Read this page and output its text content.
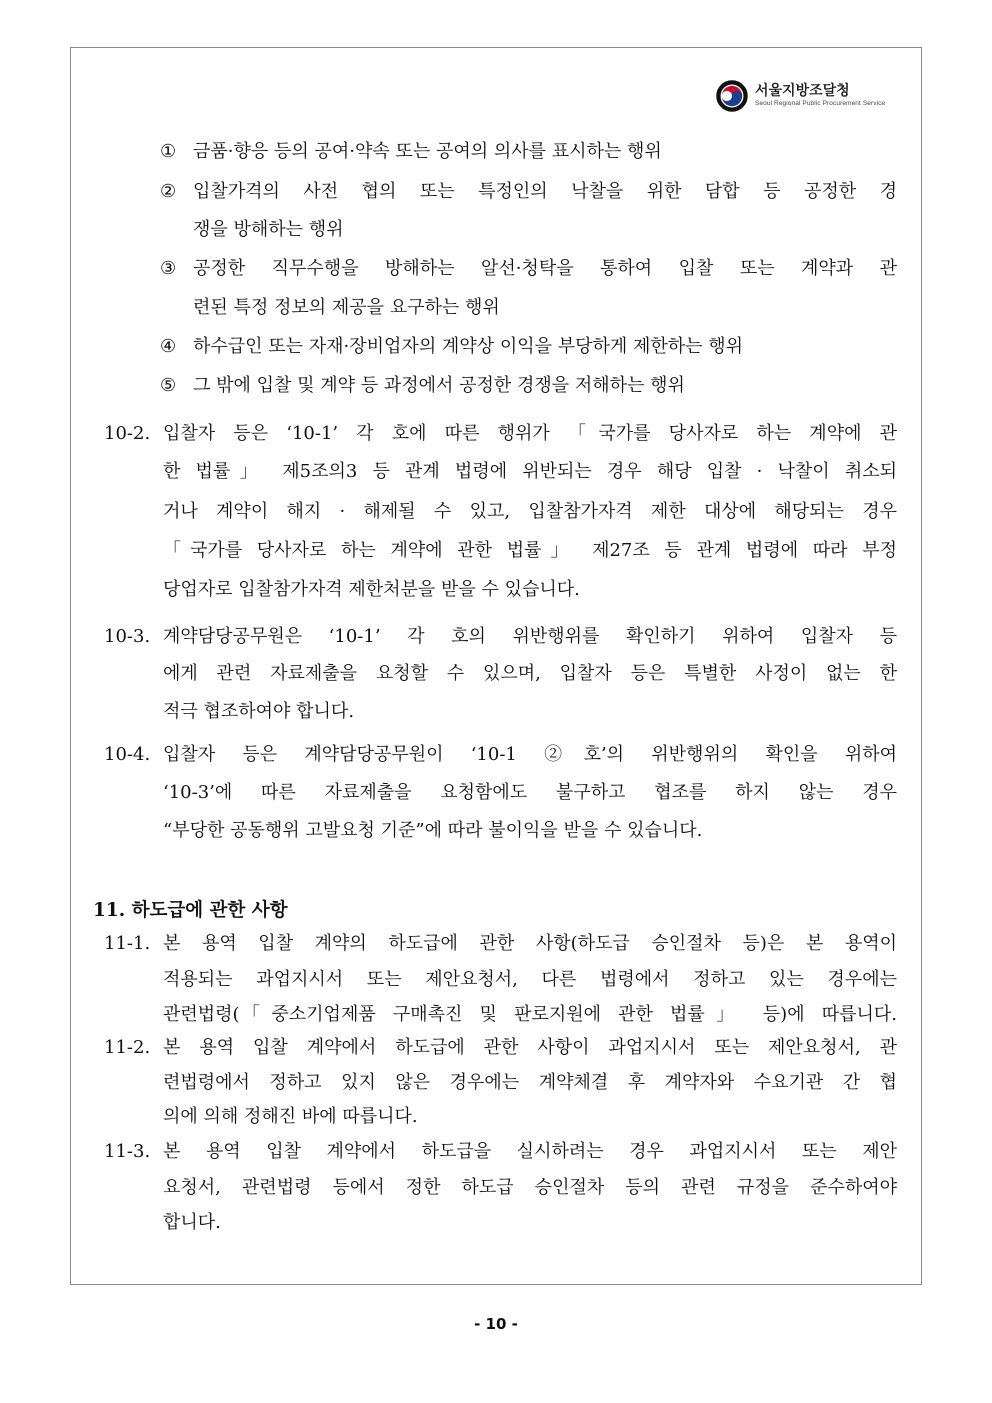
서울지방조달청
Seoul Regional Public Procurement Service
① 금품·향응 등의 공여·약속 또는 공여의 의사를 표시하는 행위
② 입찰가격의 사전 협의 또는 특정인의 낙찰을 위한 담합 등 공정한 경
쟁을 방해하는 행위
③ 공정한 직무수행을 방해하는 알선·청탁을 통하여 입찰 또는 계약과 관
련된 특정 정보의 제공을 요구하는 행위
④ 하수급인 또는 자재·장비업자의 계약상 이익을 부당하게 제한하는 행위
⑤ 그 밖에 입찰 및 계약 등 과정에서 공정한 경쟁을 저해하는 행위
10-2. 입찰자 등은 ‘10-1’ 각 호에 따른 행위가 「국가를 당사자로 하는 계약에 관
한 법률」 제5조의3 등 관계 법령에 위반되는 경우 해당 입찰 · 낙찰이 취소되
거나 계약이 해지 · 해제될 수 있고, 입찰참가자격 제한 대상에 해당되는 경우
「국가를 당사자로 하는 계약에 관한 법률」 제27조 등 관계 법령에 따라 부정
당업자로 입찰참가자격 제한처분을 받을 수 있습니다.
10-3. 계약담당공무원은 ‘10-1’ 각 호의 위반행위를 확인하기 위하여 입찰자 등
에게 관련 자료제출을 요청할 수 있으며, 입찰자 등은 특별한 사정이 없는 한
적극 협조하여야 합니다.
10-4. 입찰자 등은 계약담당공무원이 ‘10-1 ②호’의 위반행위의 확인을 위하여
‘10-3’에 따른 자료제출을 요청함에도 불구하고 협조를 하지 않는 경우
“부당한 공동행위 고발요청 기준”에 따라 불이익을 받을 수 있습니다.
11. 하도급에 관한 사항
11-1. 본 용역 입찰 계약의 하도급에 관한 사항(하도급 승인절차 등)은 본 용역이
적용되는 과업지시서 또는 제안요청서, 다른 법령에서 정하고 있는 경우에는
관련법령(「중소기업제품 구매촉진 및 판로지원에 관한 법률」 등)에 따릅니다.
11-2. 본 용역 입찰 계약에서 하도급에 관한 사항이 과업지시서 또는 제안요청서, 관
련법령에서 정하고 있지 않은 경우에는 계약체결 후 계약자와 수요기관 간 협
의에 의해 정해진 바에 따릅니다.
11-3. 본 용역 입찰 계약에서 하도급을 실시하려는 경우 과업지시서 또는 제안
요청서, 관련법령 등에서 정한 하도급 승인절차 등의 관련 규정을 준수하여야
합니다.
- 10 -
